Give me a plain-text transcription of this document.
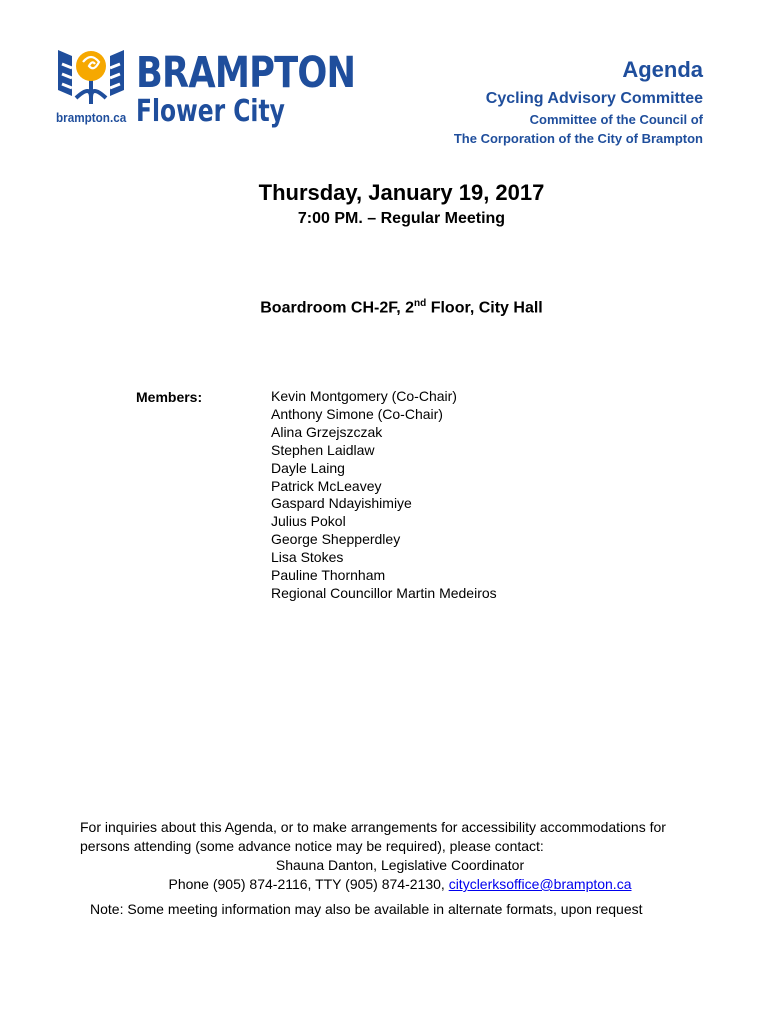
BRAMPTON
Flower City
brampton.ca
Agenda
Cycling Advisory Committee
Committee of the Council of
The Corporation of the City of Brampton
Thursday, January 19, 2017
7:00 PM. – Regular Meeting
Boardroom CH-2F, 2nd Floor, City Hall
Members:	Kevin Montgomery (Co-Chair)
Anthony Simone (Co-Chair)
Alina Grzejszczak
Stephen Laidlaw
Dayle Laing
Patrick McLeavey
Gaspard Ndayishimiye
Julius Pokol
George Shepperdley
Lisa Stokes
Pauline Thornham
Regional Councillor Martin Medeiros
For inquiries about this Agenda, or to make arrangements for accessibility accommodations for
persons attending (some advance notice may be required), please contact:
Shauna Danton, Legislative Coordinator
Phone (905) 874-2116, TTY (905) 874-2130, cityclerksoffice@brampton.ca
Note: Some meeting information may also be available in alternate formats, upon request
